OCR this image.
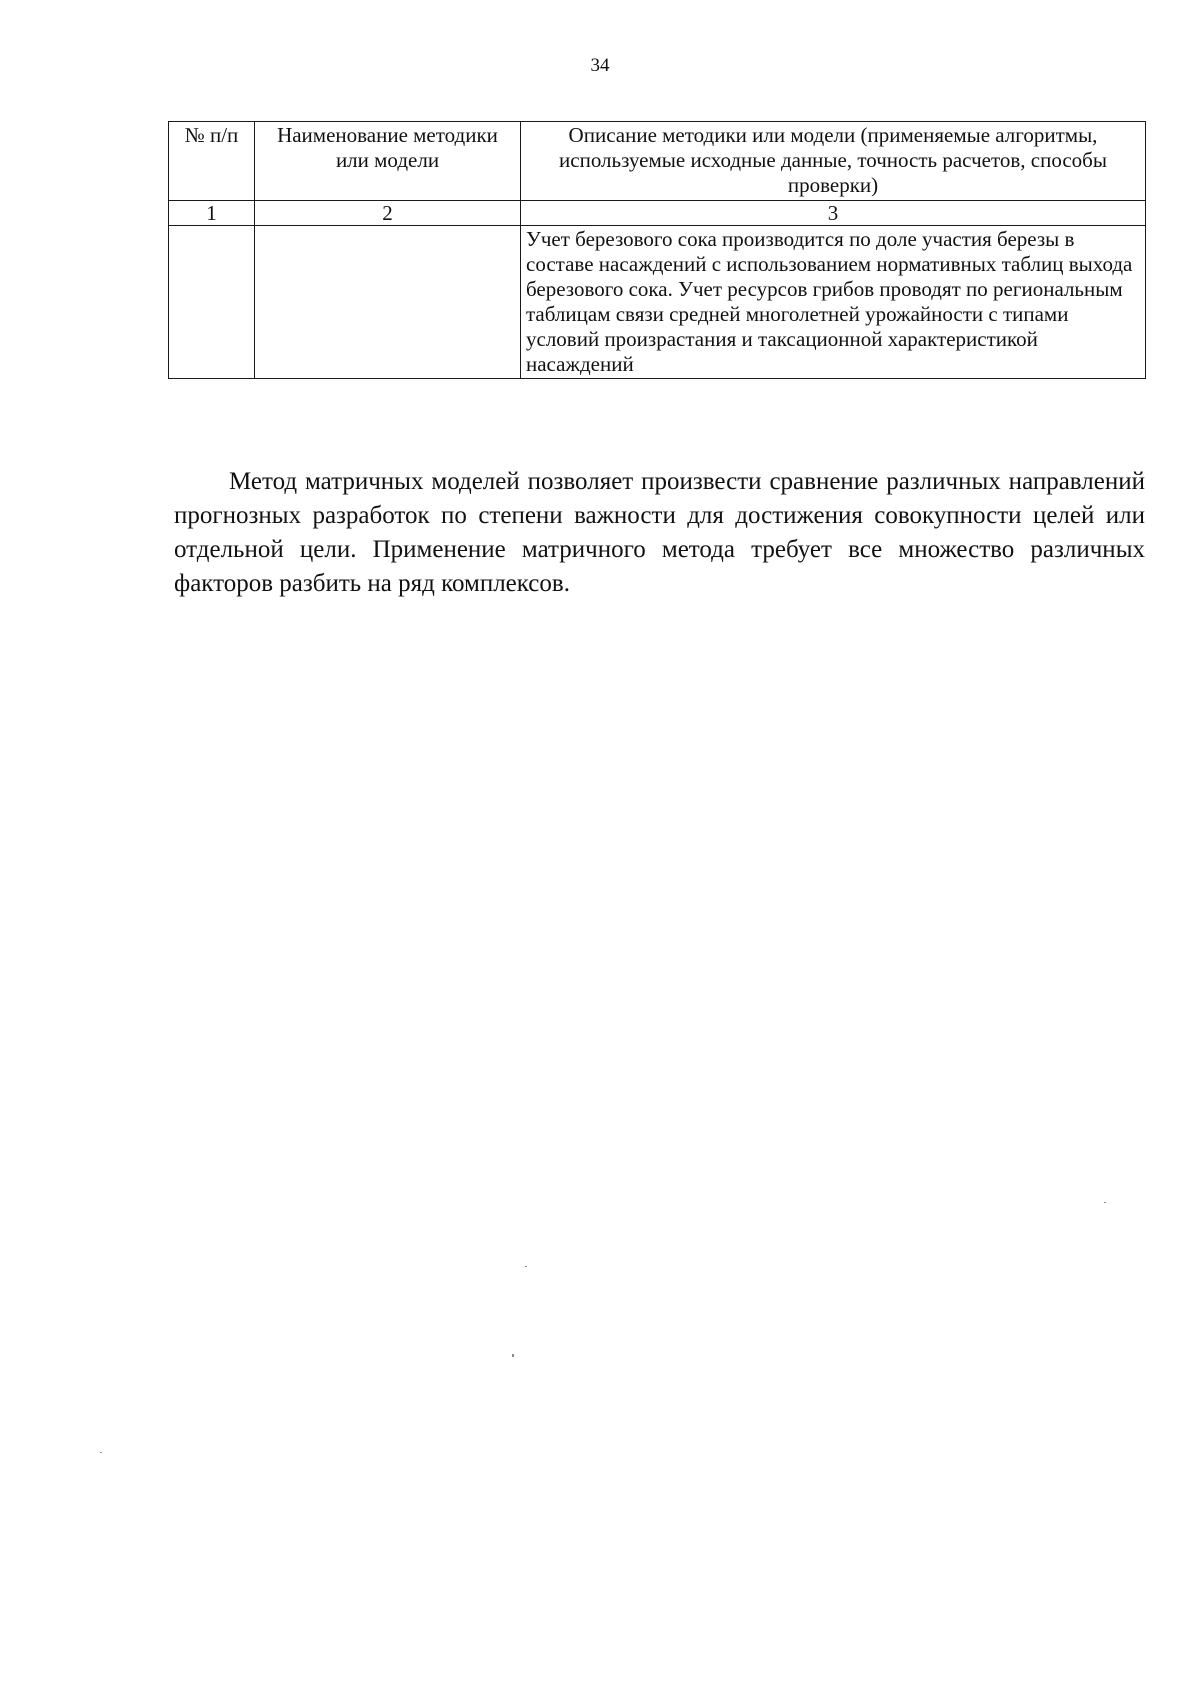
34
№ п/п	Наименование методики или модели	Описание методики или модели (применяемые алгоритмы, используемые исходные данные, точность расчетов, способы проверки)
1	2	3
		Учет березового сока производится по доле участия березы в составе насаждений с использованием нормативных таблиц выхода березового сока. Учет ресурсов грибов проводят по региональным таблицам связи средней многолетней урожайности с типами условий произрастания и таксационной характеристикой насаждений

Метод матричных моделей позволяет произвести сравнение различных направлений прогнозных разработок по степени важности для достижения совокупности целей или отдельной цели. Применение матричного метода требует все множество различных факторов разбить на ряд комплексов.
